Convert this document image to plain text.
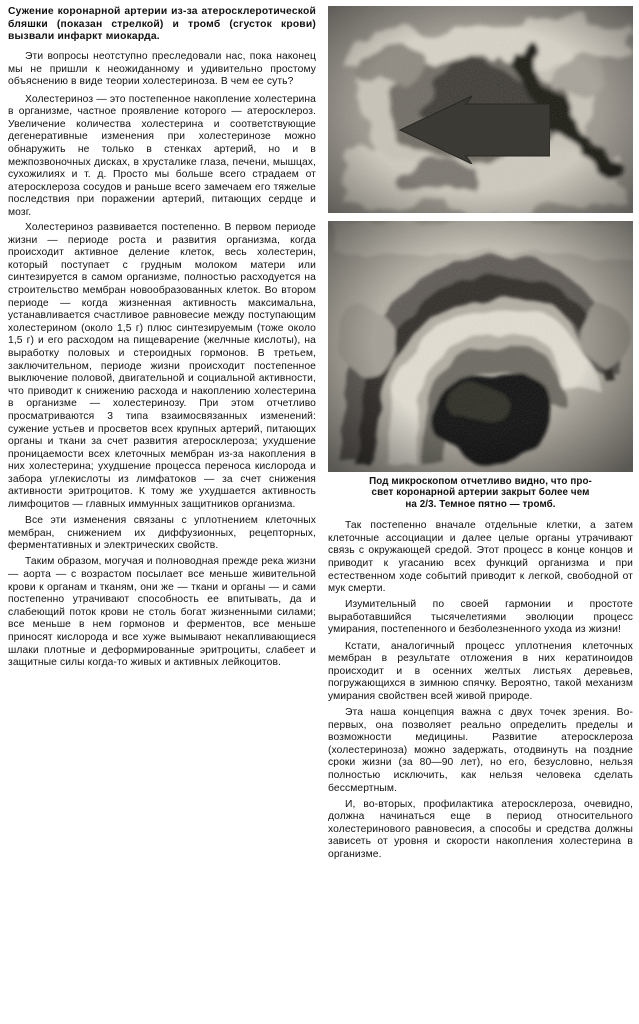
Сужение коронарной артерии из-за атеросклеротической бляшки (показан стрелкой) и тромб (сгусток крови) вызвали инфаркт миокарда.

Эти вопросы неотступно преследовали нас, пока наконец мы не пришли к неожиданному и удивительно простому объяснению в виде теории холестериноза. В чем ее суть?

Холестериноз — это постепенное накопление холестерина в организме, частное проявление которого — атеросклероз. Увеличение количества холестерина и соответствующие дегенеративные изменения при холестеринозе можно обнаружить не только в стенках артерий, но и в межпозвоночных дисках, в хрусталике глаза, печени, мышцах, сухожилиях и т. д. Просто мы больше всего страдаем от атеросклероза сосудов и раньше всего замечаем его тяжелые последствия при поражении артерий, питающих сердце и мозг.

Холестериноз развивается постепенно. В первом периоде жизни — периоде роста и развития организма, когда происходит активное деление клеток, весь холестерин, который поступает с грудным молоком матери или синтезируется в самом организме, полностью расходуется на строительство мембран новообразованных клеток. Во втором периоде — когда жизненная активность максимальна, устанавливается счастливое равновесие между поступающим холестерином (около 1,5 г) плюс синтезируемым (тоже около 1,5 г) и его расходом на пищеварение (желчные кислоты), на выработку половых и стероидных гормонов. В третьем, заключительном, периоде жизни происходит постепенное выключение половой, двигательной и социальной активности, что приводит к снижению расхода и накоплению холестерина в организме — холестеринозу. При этом отчетливо просматриваются 3 типа взаимосвязанных изменений: сужение устьев и просветов всех крупных артерий, питающих органы и ткани за счет развития атеросклероза; ухудшение проницаемости всех клеточных мембран из-за накопления в них холестерина; ухудшение процесса переноса кислорода и забора углекислоты из лимфатоков — за счет снижения активности эритроцитов. К тому же ухудшается активность лимфоцитов — главных иммунных защитников организма.

Все эти изменения связаны с уплотнением клеточных мембран, снижением их диффузионных, рецепторных, ферментативных и электрических свойств.

Таким образом, могучая и полноводная прежде река жизни — аорта — с возрастом посылает все меньше живительной крови к органам и тканям, они же — ткани и органы — и сами постепенно утрачивают способность ее впитывать, да и слабеющий поток крови не столь богат жизненными силами; все меньше в нем гормонов и ферментов, все меньше приносят кислорода и все хуже вымывают некапливающиеся шлаки плотные и деформированные эритроциты, слабеет и защитные силы когда-то живых и активных лейкоцитов.

Под микроскопом отчетливо видно, что про-
свет коронарной артерии закрыт более чем
на 2/3. Темное пятно — тромб.

Так постепенно вначале отдельные клетки, а затем клеточные ассоциации и далее целые органы утрачивают связь с окружающей средой. Этот процесс в конце концов и приводит к угасанию всех функций организма и при естественном ходе событий приводит к легкой, свободной от мук смерти.

Изумительный по своей гармонии и простоте выработавшийся тысячелетиями эволюции процесс умирания, постепенного и безболезненного ухода из жизни!

Кстати, аналогичный процесс уплотнения клеточных мембран в результате отложения в них кератиноидов происходит и в осенних желтых листьях деревьев, погружающихся в зимнюю спячку. Вероятно, такой механизм умирания свойствен всей живой природе.

Эта наша концепция важна с двух точек зрения. Во-первых, она позволяет реально определить пределы и возможности медицины. Развитие атеросклероза (холестериноза) можно задержать, отодвинуть на поздние сроки жизни (за 80—90 лет), но его, безусловно, нельзя полностью исключить, как нельзя человека сделать бессмертным.

И, во-вторых, профилактика атеросклероза, очевидно, должна начинаться еще в период относительного холестеринового равновесия, а способы и средства должны зависеть от уровня и скорости накопления холестерина в организме.
